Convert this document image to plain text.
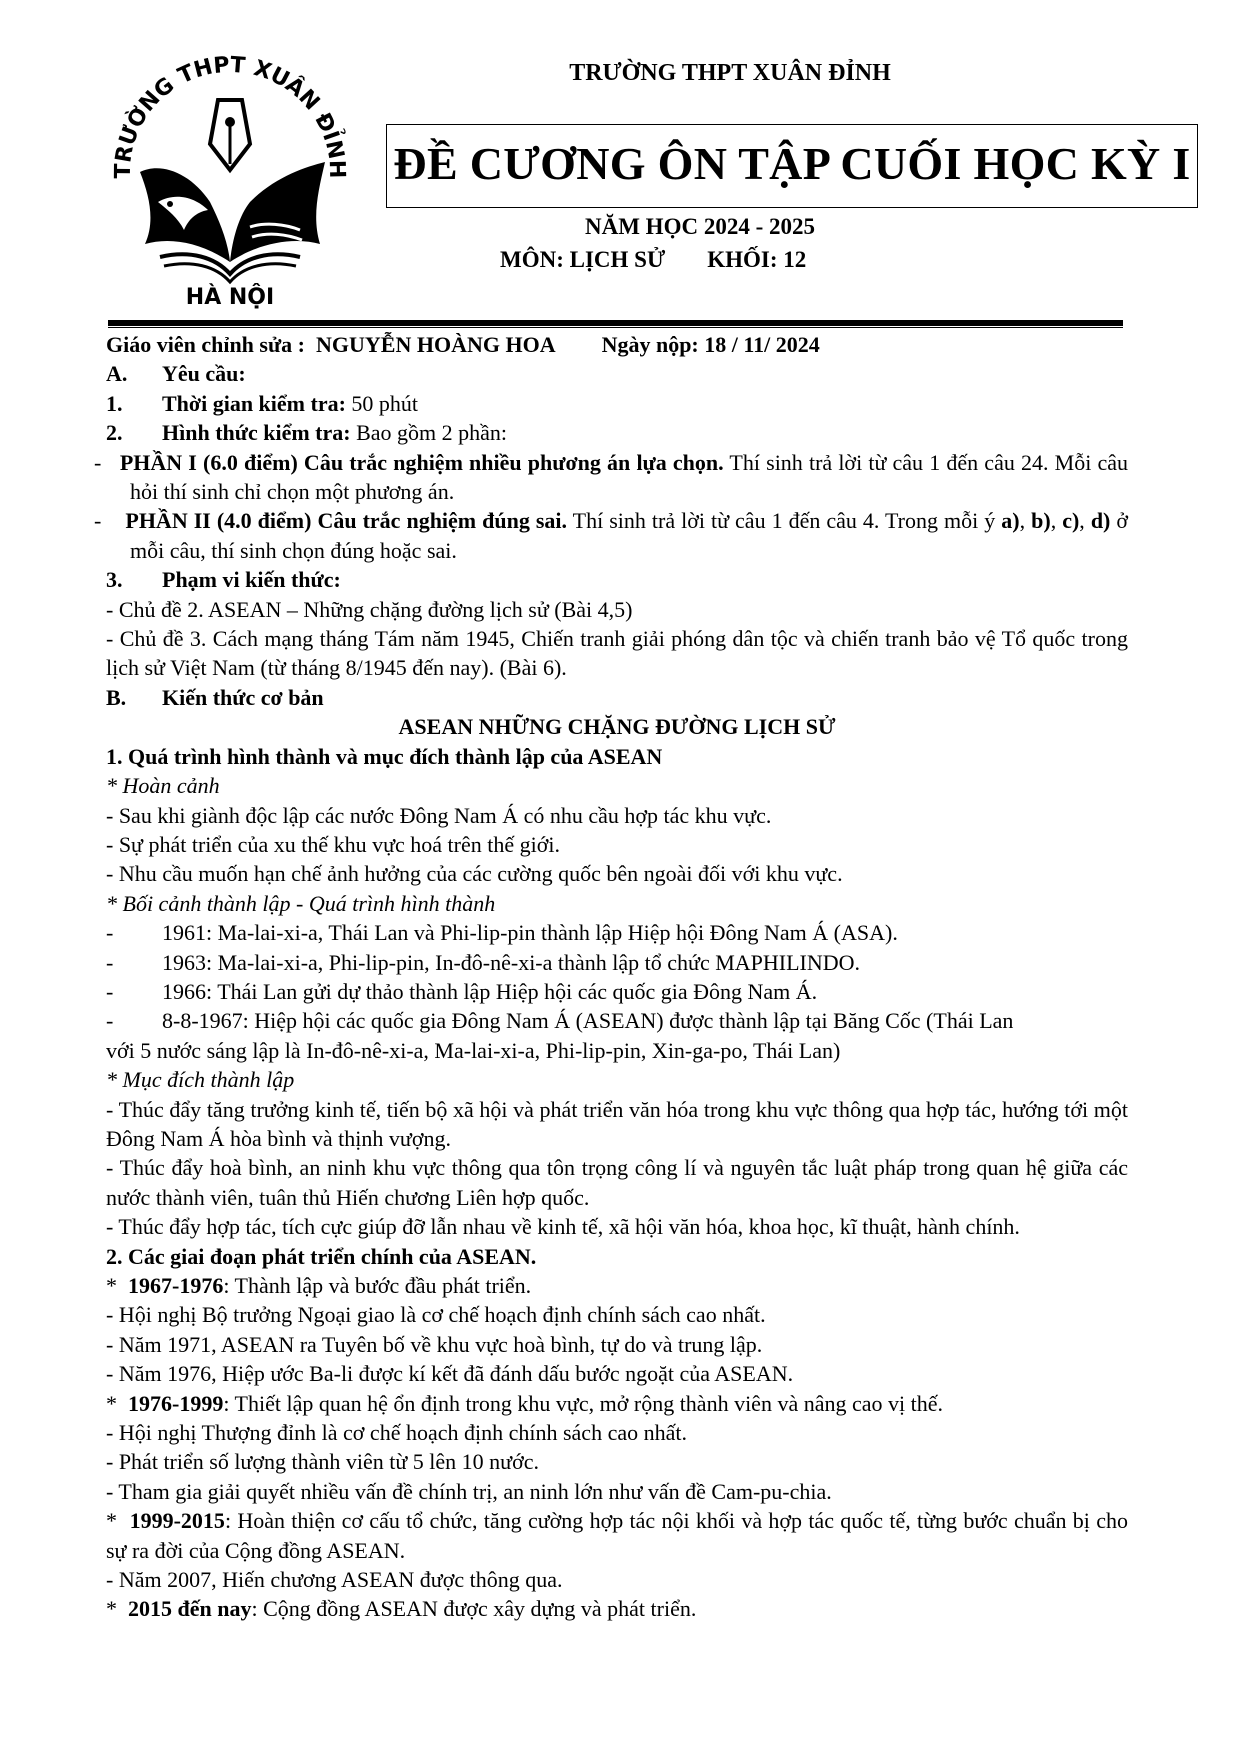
TRƯỜNG THPT XUÂN ĐỈNH
HÀ NỘI
TRƯỜNG THPT XUÂN ĐỈNH
ĐỀ CƯƠNG ÔN TẬP CUỐI HỌC KỲ I
NĂM HỌC 2024 - 2025
MÔN: LỊCH SỬ KHỐI: 12
Giáo viên chỉnh sửa : NGUYỄN HOÀNG HOA Ngày nộp: 18 / 11/ 2024
A. Yêu cầu:
1. Thời gian kiểm tra: 50 phút
2. Hình thức kiểm tra: Bao gồm 2 phần:
-   PHẦN I (6.0 điểm) Câu trắc nghiệm nhiều phương án lựa chọn. Thí sinh trả lời từ câu 1 đến câu 24. Mỗi câu hỏi thí sinh chỉ chọn một phương án.
-    PHẦN II (4.0 điểm) Câu trắc nghiệm đúng sai. Thí sinh trả lời từ câu 1 đến câu 4. Trong mỗi ý a), b), c), d) ở mỗi câu, thí sinh chọn đúng hoặc sai.
3. Phạm vi kiến thức:
- Chủ đề 2. ASEAN – Những chặng đường lịch sử (Bài 4,5)
- Chủ đề 3. Cách mạng tháng Tám năm 1945, Chiến tranh giải phóng dân tộc và chiến tranh bảo vệ Tổ quốc trong lịch sử Việt Nam (từ tháng 8/1945 đến nay). (Bài 6).
B. Kiến thức cơ bản
ASEAN NHỮNG CHẶNG ĐƯỜNG LỊCH SỬ
1. Quá trình hình thành và mục đích thành lập của ASEAN
* Hoàn cảnh
- Sau khi giành độc lập các nước Đông Nam Á có nhu cầu hợp tác khu vực.
- Sự phát triển của xu thế khu vực hoá trên thế giới.
- Nhu cầu muốn hạn chế ảnh hưởng của các cường quốc bên ngoài đối với khu vực.
* Bối cảnh thành lập - Quá trình hình thành
- 1961: Ma-lai-xi-a, Thái Lan và Phi-lip-pin thành lập Hiệp hội Đông Nam Á (ASA).
- 1963: Ma-lai-xi-a, Phi-lip-pin, In-đô-nê-xi-a thành lập tổ chức MAPHILINDO.
- 1966: Thái Lan gửi dự thảo thành lập Hiệp hội các quốc gia Đông Nam Á.
- 8-8-1967: Hiệp hội các quốc gia Đông Nam Á (ASEAN) được thành lập tại Băng Cốc (Thái Lan
với 5 nước sáng lập là In-đô-nê-xi-a, Ma-lai-xi-a, Phi-lip-pin, Xin-ga-po, Thái Lan)
* Mục đích thành lập
- Thúc đẩy tăng trưởng kinh tế, tiến bộ xã hội và phát triển văn hóa trong khu vực thông qua hợp tác, hướng tới một Đông Nam Á hòa bình và thịnh vượng.
- Thúc đẩy hoà bình, an ninh khu vực thông qua tôn trọng công lí và nguyên tắc luật pháp trong quan hệ giữa các nước thành viên, tuân thủ Hiến chương Liên hợp quốc.
- Thúc đẩy hợp tác, tích cực giúp đỡ lẫn nhau về kinh tế, xã hội văn hóa, khoa học, kĩ thuật, hành chính.
2. Các giai đoạn phát triển chính của ASEAN.
*  1967-1976: Thành lập và bước đầu phát triển.
- Hội nghị Bộ trưởng Ngoại giao là cơ chế hoạch định chính sách cao nhất.
- Năm 1971, ASEAN ra Tuyên bố về khu vực hoà bình, tự do và trung lập.
- Năm 1976, Hiệp ước Ba-li được kí kết đã đánh dấu bước ngoặt của ASEAN.
*  1976-1999: Thiết lập quan hệ ổn định trong khu vực, mở rộng thành viên và nâng cao vị thế.
- Hội nghị Thượng đỉnh là cơ chế hoạch định chính sách cao nhất.
- Phát triển số lượng thành viên từ 5 lên 10 nước.
- Tham gia giải quyết nhiều vấn đề chính trị, an ninh lớn như vấn đề Cam-pu-chia.
*  1999-2015: Hoàn thiện cơ cấu tổ chức, tăng cường hợp tác nội khối và hợp tác quốc tế, từng bước chuẩn bị cho sự ra đời của Cộng đồng ASEAN.
- Năm 2007, Hiến chương ASEAN được thông qua.
*  2015 đến nay: Cộng đồng ASEAN được xây dựng và phát triển.
